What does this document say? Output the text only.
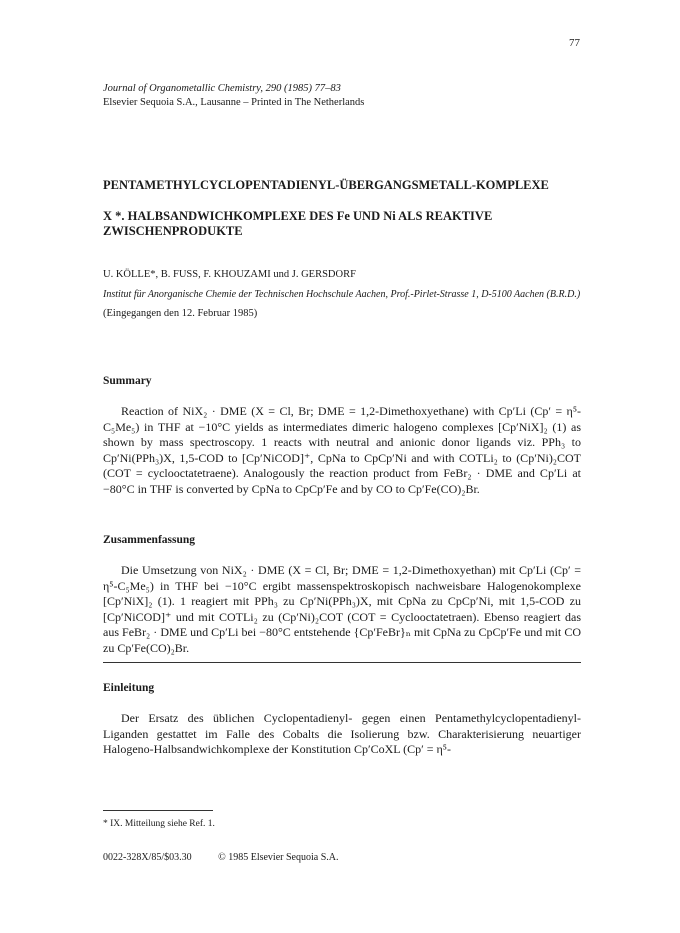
77
Journal of Organometallic Chemistry, 290 (1985) 77–83
Elsevier Sequoia S.A., Lausanne – Printed in The Netherlands
PENTAMETHYLCYCLOPENTADIENYL-ÜBERGANGSMETALL-KOMPLEXE
X *. HALBSANDWICHKOMPLEXE DES Fe UND Ni ALS REAKTIVE ZWISCHENPRODUKTE
U. KÖLLE*, B. FUSS, F. KHOUZAMI und J. GERSDORF
Institut für Anorganische Chemie der Technischen Hochschule Aachen, Prof.-Pirlet-Strasse 1, D-5100 Aachen (B.R.D.)
(Eingegangen den 12. Februar 1985)
Summary

Reaction of NiX₂ · DME (X = Cl, Br; DME = 1,2-Dimethoxyethane) with Cp′Li (Cp′ = η⁵-C₅Me₅) in THF at −10°C yields as intermediates dimeric halogeno complexes [Cp′NiX]₂ (1) as shown by mass spectroscopy. 1 reacts with neutral and anionic donor ligands viz. PPh₃ to Cp′Ni(PPh₃)X, 1,5-COD to [Cp′NiCOD]⁺, CpNa to CpCp′Ni and with COTLi₂ to (Cp′Ni)₂COT (COT = cyclooctatetraene). Analogously the reaction product from FeBr₂ · DME and Cp′Li at −80°C in THF is converted by CpNa to CpCp′Fe and by CO to Cp′Fe(CO)₂Br.

Zusammenfassung

Die Umsetzung von NiX₂ · DME (X = Cl, Br; DME = 1,2-Dimethoxyethan) mit Cp′Li (Cp′ = η⁵-C₅Me₅) in THF bei −10°C ergibt massenspektroskopisch nachweisbare Halogenokomplexe [Cp′NiX]₂ (1). 1 reagiert mit PPh₃ zu Cp′Ni(PPh₃)X, mit CpNa zu CpCp′Ni, mit 1,5-COD zu [Cp′NiCOD]⁺ und mit COTLi₂ zu (Cp′Ni)₂COT (COT = Cyclooctatetraen). Ebenso reagiert das aus FeBr₂ · DME und Cp′Li bei −80°C entstehende {Cp′FeBr}ₙ mit CpNa zu CpCp′Fe und mit CO zu Cp′Fe(CO)₂Br.

Einleitung

Der Ersatz des üblichen Cyclopentadienyl- gegen einen Pentamethylcyclopentadienyl-Liganden gestattet im Falle des Cobalts die Isolierung bzw. Charakterisierung neuartiger Halogeno-Halbsandwichkomplexe der Konstitution Cp′CoXL (Cp′ = η⁵-

* IX. Mitteilung siehe Ref. 1.
0022-328X/85/$03.30	© 1985 Elsevier Sequoia S.A.
